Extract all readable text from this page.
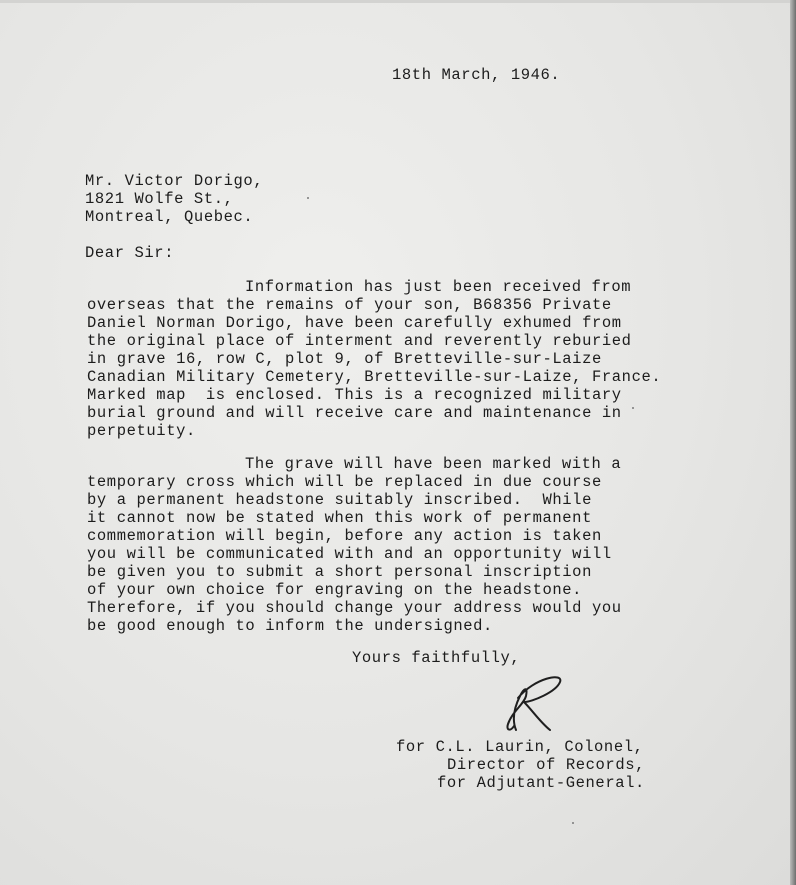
18th March, 1946.

Mr. Victor Dorigo,

1821 Wolfe St.,

Montreal, Quebec.

Dear Sir:

Information has just been received from

overseas that the remains of your son, B68356 Private

Daniel Norman Dorigo, have been carefully exhumed from

the original place of interment and reverently reburied

in grave 16, row C, plot 9, of Bretteville-sur-Laize

Canadian Military Cemetery, Bretteville-sur-Laize, France.

Marked map  is enclosed. This is a recognized military

burial ground and will receive care and maintenance in

perpetuity.

The grave will have been marked with a

temporary cross which will be replaced in due course

by a permanent headstone suitably inscribed.  While

it cannot now be stated when this work of permanent

commemoration will begin, before any action is taken

you will be communicated with and an opportunity will

be given you to submit a short personal inscription

of your own choice for engraving on the headstone.

Therefore, if you should change your address would you

be good enough to inform the undersigned.

Yours faithfully,

for C.L. Laurin, Colonel,

Director of Records,

for Adjutant-General.
